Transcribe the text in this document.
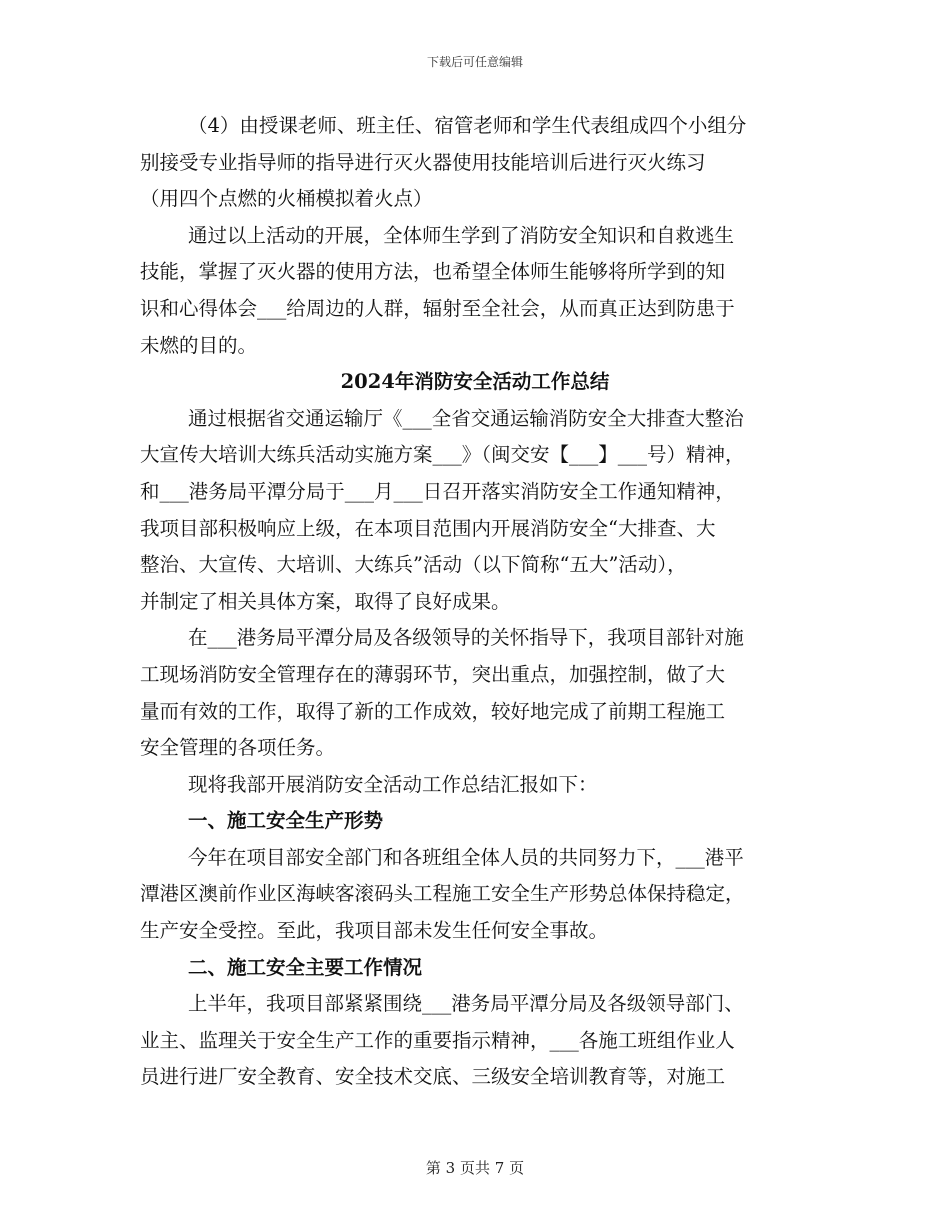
下载后可任意编辑
（4）由授课老师、班主任、宿管老师和学生代表组成四个小组分
别接受专业指导师的指导进行灭火器使用技能培训后进行灭火练习
（用四个点燃的火桶模拟着火点）
通过以上活动的开展，全体师生学到了消防安全知识和自救逃生
技能，掌握了灭火器的使用方法，也希望全体师生能够将所学到的知
识和心得体会___给周边的人群，辐射至全社会，从而真正达到防患于
未燃的目的。
2024年消防安全活动工作总结
通过根据省交通运输厅《___全省交通运输消防安全大排查大整治
大宣传大培训大练兵活动实施方案___》（闽交安【___】___号）精神，
和___港务局平潭分局于___月___日召开落实消防安全工作通知精神，
我项目部积极响应上级，在本项目范围内开展消防安全“大排查、大
整治、大宣传、大培训、大练兵”活动（以下简称“五大”活动），
并制定了相关具体方案，取得了良好成果。
在___港务局平潭分局及各级领导的关怀指导下，我项目部针对施
工现场消防安全管理存在的薄弱环节，突出重点，加强控制，做了大
量而有效的工作，取得了新的工作成效，较好地完成了前期工程施工
安全管理的各项任务。
现将我部开展消防安全活动工作总结汇报如下：
一、施工安全生产形势
今年在项目部安全部门和各班组全体人员的共同努力下，___港平
潭港区澳前作业区海峡客滚码头工程施工安全生产形势总体保持稳定，
生产安全受控。至此，我项目部未发生任何安全事故。
二、施工安全主要工作情况
上半年，我项目部紧紧围绕___港务局平潭分局及各级领导部门、
业主、监理关于安全生产工作的重要指示精神，___各施工班组作业人
员进行进厂安全教育、安全技术交底、三级安全培训教育等，对施工
第 3 页共 7 页
